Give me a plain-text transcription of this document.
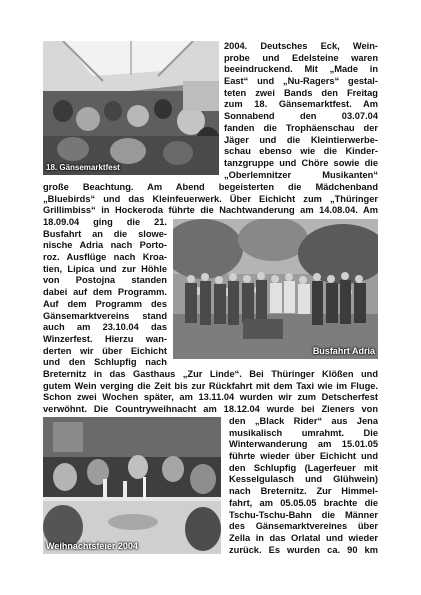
18. Gänsemarktfest
2004. Deutsches Eck, Wein-
probe und Edelsteine waren
beeindruckend. Mit „Made in
East“ und „Nu-Ragers“ gestal-
teten zwei Bands den Freitag
zum 18. Gänsemarktfest. Am
Sonnabend den 03.07.04
fanden die Trophäenschau der
Jäger und die Kleintierwerbe-
schau ebenso wie die Kinder-
tanzgruppe und Chöre sowie die
„Oberlemnitzer Musikanten“
große Beachtung. Am Abend begeisterten die Mädchenband
„Bluebirds“ und das Kleinfeuerwerk. Über Eichicht zum „Thüringer
Grillimbiss“ in Hockeroda führte die Nachtwanderung am 14.08.04. Am
18.09.04 ging die 21.
Busfahrt an die slowe-
nische Adria nach Porto-
roz. Ausflüge nach Kroa-
tien, Lipica und zur Höhle
von Postojna standen
dabei auf dem Programm.
Auf dem Programm des
Gänsemarktvereins stand
auch am 23.10.04 das
Winzerfest. Hierzu wan-
derten wir über Eichicht
und den Schlupfig nach
Busfahrt Adria
Breternitz in das Gasthaus „Zur Linde“. Bei Thüringer Klößen und
gutem Wein verging die Zeit bis zur Rückfahrt mit dem Taxi wie im Fluge.
Schon zwei Wochen später, am 13.11.04 wurden wir zum Detscherfest
verwöhnt. Die Countryweihnacht am 18.12.04 wurde bei Zieners von
Weihnachtsfeier 2004
den „Black Rider“ aus Jena
musikalisch umrahmt. Die
Winterwanderung am 15.01.05
führte wieder über Eichicht und
den Schlupfig (Lagerfeuer mit
Kesselgulasch und Glühwein)
nach Breternitz. Zur Himmel-
fahrt, am 05.05.05 brachte die
Tschu-Tschu-Bahn die Männer
des Gänsemarktvereines über
Zella in das Orlatal und wieder
zurück. Es wurden ca. 90 km
